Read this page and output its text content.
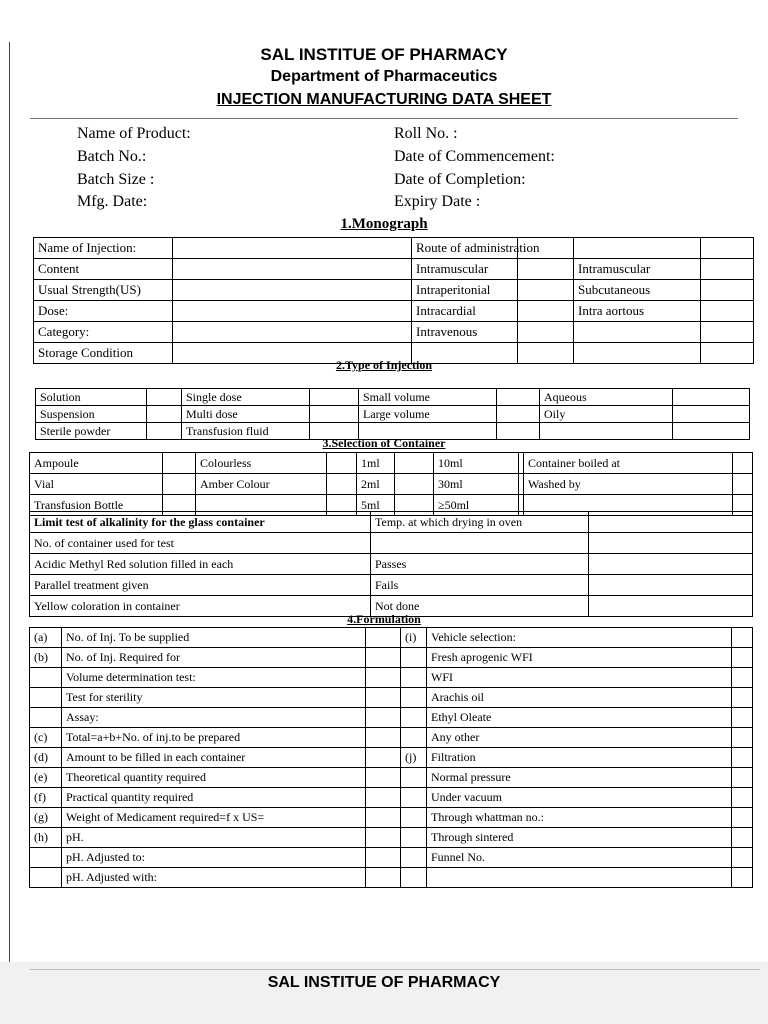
SAL INSTITUE OF PHARMACY
Department of Pharmaceutics
INJECTION MANUFACTURING DATA SHEET
Name of Product:	Roll No. :
Batch No.:	Date of Commencement:
Batch Size :	Date of Completion:
Mfg. Date:	Expiry Date :
1.Monograph
Name of Injection:		Route of administration			
Content		Intramuscular		Intramuscular	
Usual Strength(US)		Intraperitonial		Subcutaneous	
Dose:		Intracardial		Intra aortous	
Category:		Intravenous			
Storage Condition					
2.Type of Injection
Solution		Single dose		Small volume		Aqueous	
Suspension		Multi dose		Large volume		Oily	
Sterile powder		Transfusion fluid					
3.Selection of Container
Ampoule		Colourless		1ml		10ml		Container boiled at	
Vial		Amber Colour		2ml		30ml		Washed by	
Transfusion Bottle				5ml		≥50ml			
Limit test of alkalinity for the glass container	Temp. at which drying in oven	
No. of container used for test		
Acidic Methyl Red solution filled in each	Passes	
Parallel treatment given	Fails	
Yellow coloration in container	Not done	
4.Formulation
(a)	No. of Inj. To be supplied		(i)	Vehicle selection:	
(b)	No. of Inj. Required for			Fresh aprogenic WFI	
	Volume determination test:			WFI	
	Test for sterility			Arachis oil	
	Assay:			Ethyl Oleate	
(c)	Total=a+b+No. of inj.to be prepared			Any other	
(d)	Amount to be filled in each container		(j)	Filtration	
(e)	Theoretical quantity required			Normal pressure	
(f)	Practical quantity required			Under vacuum	
(g)	Weight of Medicament required=f x US=			Through whattman no.:	
(h)	pH.			Through sintered	
	pH. Adjusted to:			Funnel No.	
	pH. Adjusted with:				
SAL INSTITUE OF PHARMACY
